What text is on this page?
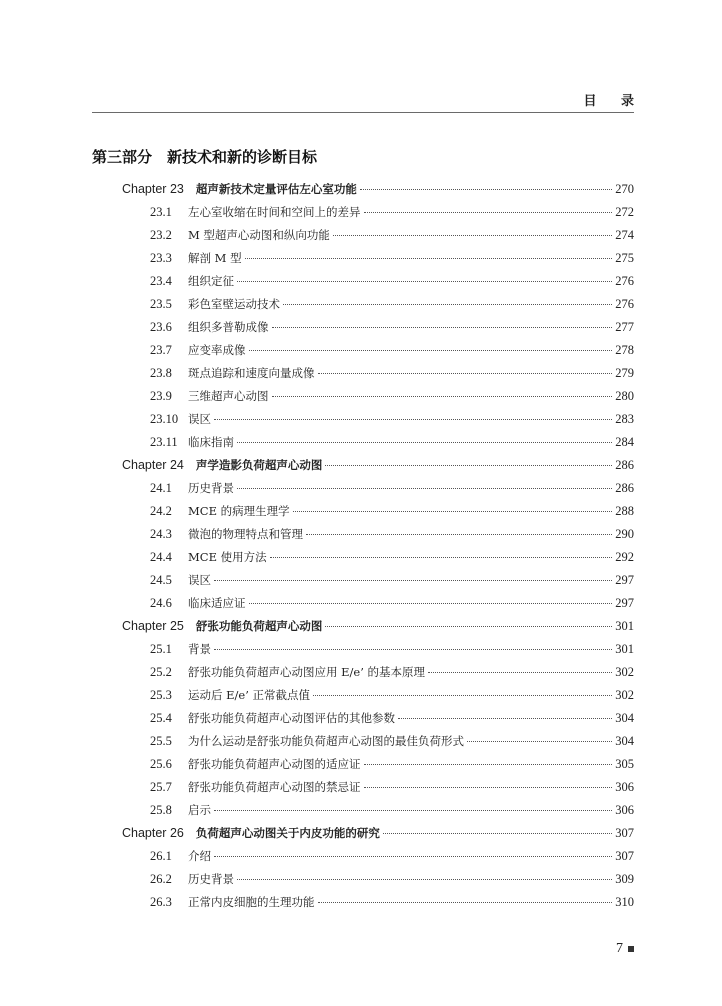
目 录
第三部分　新技术和新的诊断目标
Chapter 23 超声新技术定量评估左心室功能	270
23.1	左心室收缩在时间和空间上的差异	272
23.2	M 型超声心动图和纵向功能	274
23.3	解剖 M 型	275
23.4	组织定征	276
23.5	彩色室壁运动技术	276
23.6	组织多普勒成像	277
23.7	应变率成像	278
23.8	斑点追踪和速度向量成像	279
23.9	三维超声心动图	280
23.10 误区	283
23.11 临床指南	284
Chapter 24 声学造影负荷超声心动图	286
24.1	历史背景	286
24.2	MCE 的病理生理学	288
24.3	微泡的物理特点和管理	290
24.4	MCE 使用方法	292
24.5	误区	297
24.6	临床适应证	297
Chapter 25 舒张功能负荷超声心动图	301
25.1	背景	301
25.2	舒张功能负荷超声心动图应用 E/e’ 的基本原理	302
25.3	运动后 E/e’ 正常截点值	302
25.4	舒张功能负荷超声心动图评估的其他参数	304
25.5	为什么运动是舒张功能负荷超声心动图的最佳负荷形式	304
25.6	舒张功能负荷超声心动图的适应证	305
25.7	舒张功能负荷超声心动图的禁忌证	306
25.8	启示	306
Chapter 26 负荷超声心动图关于内皮功能的研究	307
26.1	介绍	307
26.2	历史背景	309
26.3	正常内皮细胞的生理功能	310
7
